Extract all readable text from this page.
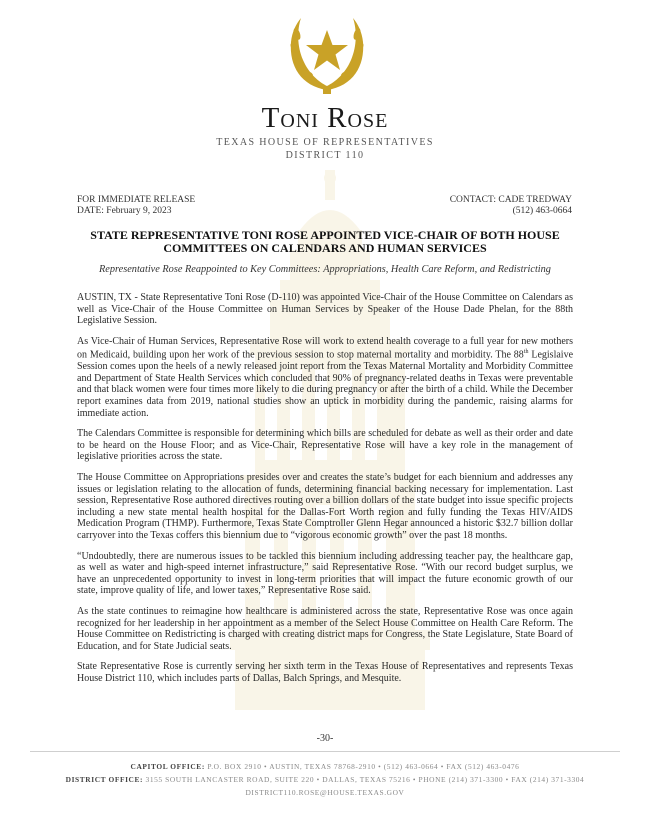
Toni Rose
TEXAS HOUSE OF REPRESENTATIVES
DISTRICT 110
FOR IMMEDIATE RELEASE
DATE: February 9, 2023
CONTACT: CADE TREDWAY
(512) 463-0664
STATE REPRESENTATIVE TONI ROSE APPOINTED VICE-CHAIR OF BOTH HOUSE
COMMITTEES ON CALENDARS AND HUMAN SERVICES
Representative Rose Reappointed to Key Committees: Appropriations, Health Care Reform, and Redistricting

AUSTIN, TX - State Representative Toni Rose (D-110) was appointed Vice-Chair of the House Committee on Calendars as well as Vice-Chair of the House Committee on Human Services by Speaker of the House Dade Phelan, for the 88th Legislative Session.

As Vice-Chair of Human Services, Representative Rose will work to extend health coverage to a full year for new mothers on Medicaid, building upon her work of the previous session to stop maternal mortality and morbidity. The 88th Legislaive Session comes upon the heels of a newly released joint report from the Texas Maternal Mortality and Morbidity Committee and Department of State Health Services which concluded that 90% of pregnancy-related deaths in Texas were preventable and that black women were four times more likely to die during pregnancy or after the birth of a child. While the December report examines data from 2019, national studies show an uptick in morbidity during the pandemic, raising alarms for immediate action.

The Calendars Committee is responsible for determining which bills are scheduled for debate as well as their order and date to be heard on the House Floor; and as Vice-Chair, Representative Rose will have a key role in the management of legislative priorities across the state.

The House Committee on Appropriations presides over and creates the state’s budget for each biennium and addresses any issues or legislation relating to the allocation of funds, determining financial backing necessary for implementation. Last session, Representative Rose authored directives routing over a billion dollars of the state budget into issue specific projects including a new state mental health hospital for the Dallas-Fort Worth region and fully funding the Texas HIV/AIDS Medication Program (THMP). Furthermore, Texas State Comptroller Glenn Hegar announced a historic $32.7 billion dollar carryover into the Texas coffers this biennium due to “vigorous economic growth” over the past 18 months.

“Undoubtedly, there are numerous issues to be tackled this biennium including addressing teacher pay, the healthcare gap, as well as water and high-speed internet infrastructure,” said Representative Rose. “With our record budget surplus, we have an unprecedented opportunity to invest in long-term priorities that will impact the future economic growth of our state, improve quality of life, and lower taxes,” Representative Rose said.

As the state continues to reimagine how healthcare is administered across the state, Representative Rose was once again recognized for her leadership in her appointment as a member of the Select House Committee on Health Care Reform. The House Committee on Redistricting is charged with creating district maps for Congress, the State Legislature, State Board of Education, and for State Judicial seats.

State Representative Rose is currently serving her sixth term in the Texas House of Representatives and represents Texas House District 110, which includes parts of Dallas, Balch Springs, and Mesquite.

-30-
CAPITOL OFFICE: P.O. BOX 2910 • AUSTIN, TEXAS 78768-2910 • (512) 463-0664 • FAX (512) 463-0476
DISTRICT OFFICE: 3155 SOUTH LANCASTER ROAD, SUITE 220 • DALLAS, TEXAS 75216 • PHONE (214) 371-3300 • FAX (214) 371-3304
DISTRICT110.ROSE@HOUSE.TEXAS.GOV
